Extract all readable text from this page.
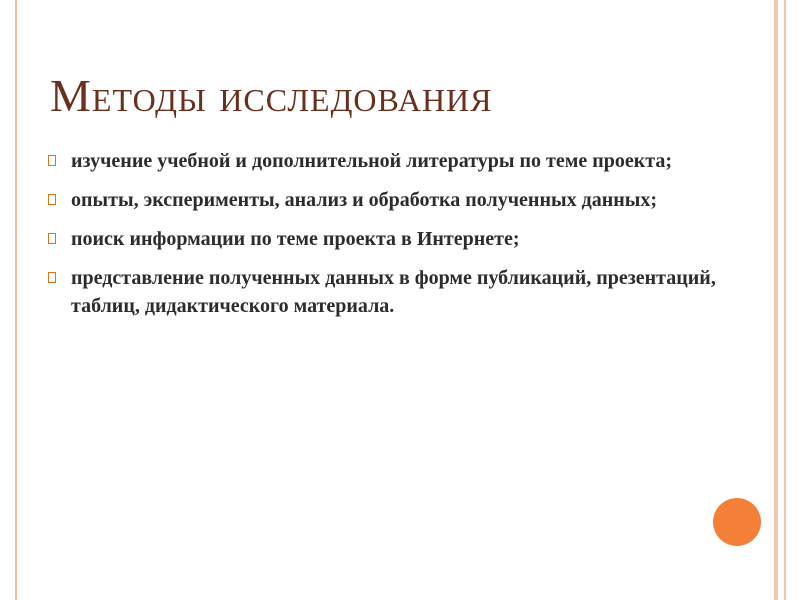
Методы исследования
изучение учебной и дополнительной литературы по теме проекта;
опыты, эксперименты, анализ и обработка полученных данных;
поиск информации по теме проекта в Интернете;
представление полученных данных в форме публикаций, презентаций, таблиц, дидактического материала.
